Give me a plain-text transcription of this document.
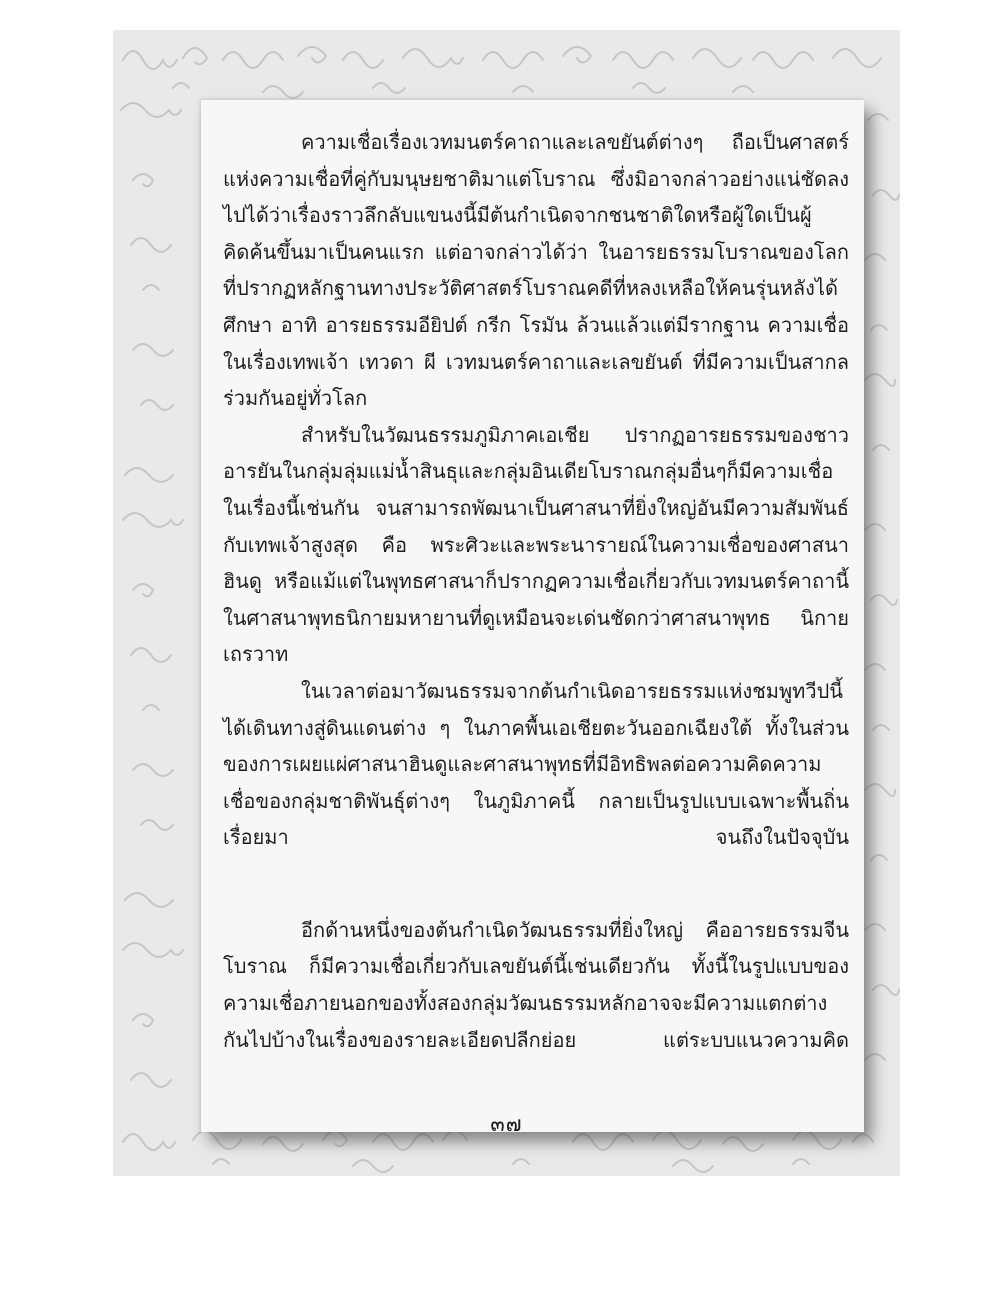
ความเชื่อเรื่องเวทมนตร์คาถาและเลขยันต์ต่างๆ ถือเป็นศาสตร์แห่งความเชื่อที่คู่กับมนุษยชาติมาแต่โบราณ ซึ่งมิอาจกล่าวอย่างแน่ชัดลงไปได้ว่าเรื่องราวลึกลับแขนงนี้มีต้นกำเนิดจากชนชาติใดหรือผู้ใดเป็นผู้คิดค้นขึ้นมาเป็นคนแรก แต่อาจกล่าวได้ว่า ในอารยธรรมโบราณของโลกที่ปรากฏหลักฐานทางประวัติศาสตร์โบราณคดีที่หลงเหลือให้คนรุ่นหลังได้ศึกษา อาทิ อารยธรรมอียิปต์ กรีก โรมัน ล้วนแล้วแต่มีรากฐาน ความเชื่อในเรื่องเทพเจ้า เทวดา ผี เวทมนตร์คาถาและเลขยันต์ ที่มีความเป็นสากลร่วมกันอยู่ทั่วโลก

สำหรับในวัฒนธรรมภูมิภาคเอเชีย ปรากฏอารยธรรมของชาวอารยันในกลุ่มลุ่มแม่น้ำสินธุและกลุ่มอินเดียโบราณกลุ่มอื่นๆก็มีความเชื่อในเรื่องนี้เช่นกัน จนสามารถพัฒนาเป็นศาสนาที่ยิ่งใหญ่อันมีความสัมพันธ์กับเทพเจ้าสูงสุด คือ พระศิวะและพระนารายณ์ในความเชื่อของศาสนาฮินดู หรือแม้แต่ในพุทธศาสนาก็ปรากฏความเชื่อเกี่ยวกับเวทมนตร์คาถานี้ในศาสนาพุทธนิกายมหายานที่ดูเหมือนจะเด่นชัดกว่าศาสนาพุทธ นิกายเถรวาท

ในเวลาต่อมาวัฒนธรรมจากต้นกำเนิดอารยธรรมแห่งชมพูทวีปนี้ได้เดินทางสู่ดินแดนต่าง ๆ ในภาคพื้นเอเชียตะวันออกเฉียงใต้ ทั้งในส่วนของการเผยแผ่ศาสนาฮินดูและศาสนาพุทธที่มีอิทธิพลต่อความคิดความเชื่อของกลุ่มชาติพันธุ์ต่างๆ ในภูมิภาคนี้ กลายเป็นรูปแบบเฉพาะพื้นถิ่นเรื่อยมา	จนถึงในปัจจุบัน

อีกด้านหนึ่งของต้นกำเนิดวัฒนธรรมที่ยิ่งใหญ่ คืออารยธรรมจีนโบราณ ก็มีความเชื่อเกี่ยวกับเลขยันต์นี้เช่นเดียวกัน ทั้งนี้ในรูปแบบของความเชื่อภายนอกของทั้งสองกลุ่มวัฒนธรรมหลักอาจจะมีความแตกต่างกันไปบ้างในเรื่องของรายละเอียดปลีกย่อย แต่ระบบแนวความคิด

๓๗
